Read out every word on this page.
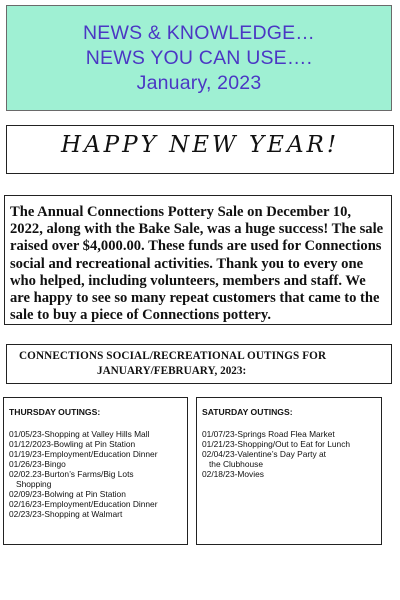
NEWS & KNOWLEDGE…
NEWS YOU CAN USE….
January, 2023
HAPPY NEW YEAR!

The Annual Connections Pottery Sale on December 10, 2022, along with the Bake Sale, was a huge success! The sale raised over $4,000.00. These funds are used for Connections social and recreational activities. Thank you to every one who helped, including volunteers, members and staff. We are happy to see so many repeat customers that came to the sale to buy a piece of Connections pottery.

CONNECTIONS SOCIAL/RECREATIONAL OUTINGS FOR
JANUARY/FEBRUARY, 2023:
THURSDAY OUTINGS:
01/05/23-Shopping at Valley Hills Mall
01/12/2023-Bowling at Pin Station
01/19/23-Employment/Education Dinner
01/26/23-Bingo
02/02.23-Burton’s Farms/Big Lots
Shopping
02/09/23-Bolwing at Pin Station
02/16/23-Employment/Education Dinner
02/23/23-Shopping at Walmart
SATURDAY OUTINGS:
01/07/23-Springs Road Flea Market
01/21/23-Shopping/Out to Eat for Lunch
02/04/23-Valentine’s Day Party at
the Clubhouse
02/18/23-Movies
